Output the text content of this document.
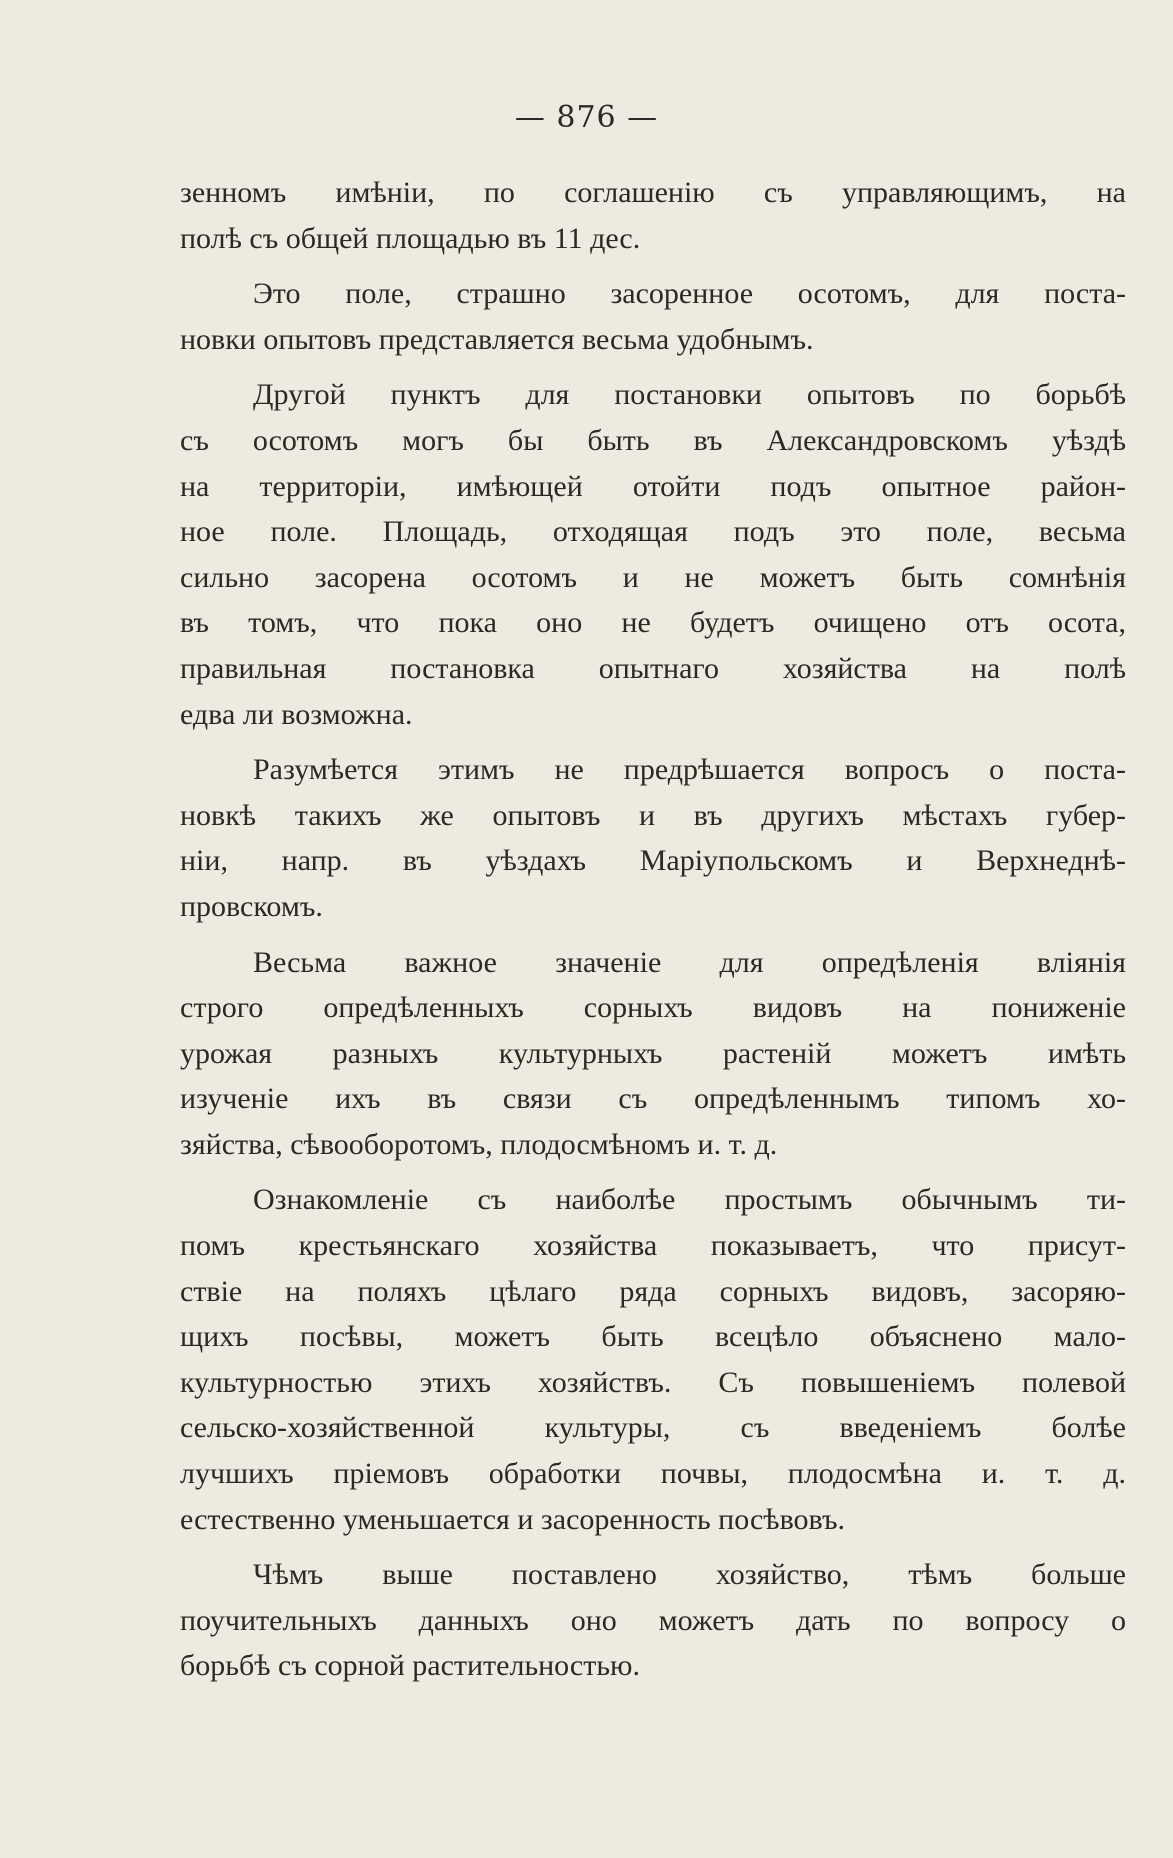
— 876 —
зенномъ имѣніи, по соглашенію съ управляющимъ, на
полѣ съ общей площадью въ 11 дес.
Это поле, страшно засоренное осотомъ, для поста-
новки опытовъ представляется весьма удобнымъ.
Другой пунктъ для постановки опытовъ по борьбѣ
съ осотомъ могъ бы быть въ Александровскомъ уѣздѣ
на территоріи, имѣющей отойти подъ опытное район-
ное поле. Площадь, отходящая подъ это поле, весьма
сильно засорена осотомъ и не можетъ быть сомнѣнія
въ томъ, что пока оно не будетъ очищено отъ осота,
правильная постановка опытнаго хозяйства на полѣ
едва ли возможна.
Разумѣется этимъ не предрѣшается вопросъ о поста-
новкѣ такихъ же опытовъ и въ другихъ мѣстахъ губер-
ніи, напр. въ уѣздахъ Маріупольскомъ и Верхнеднѣ-
провскомъ.
Весьма важное значеніе для опредѣленія вліянія
строго опредѣленныхъ сорныхъ видовъ на пониженіе
урожая разныхъ культурныхъ растеній можетъ имѣть
изученіе ихъ въ связи съ опредѣленнымъ типомъ хо-
зяйства, сѣвооборотомъ, плодосмѣномъ и. т. д.
Ознакомленіе съ наиболѣе простымъ обычнымъ ти-
помъ крестьянскаго хозяйства показываетъ, что присут-
ствіе на поляхъ цѣлаго ряда сорныхъ видовъ, засоряю-
щихъ посѣвы, можетъ быть всецѣло объяснено мало-
культурностью этихъ хозяйствъ. Съ повышеніемъ полевой
сельско-хозяйственной культуры, съ введеніемъ болѣе
лучшихъ пріемовъ обработки почвы, плодосмѣна и. т. д.
естественно уменьшается и засоренность посѣвовъ.
Чѣмъ выше поставлено хозяйство, тѣмъ больше
поучительныхъ данныхъ оно можетъ дать по вопросу о
борьбѣ съ сорной растительностью.
